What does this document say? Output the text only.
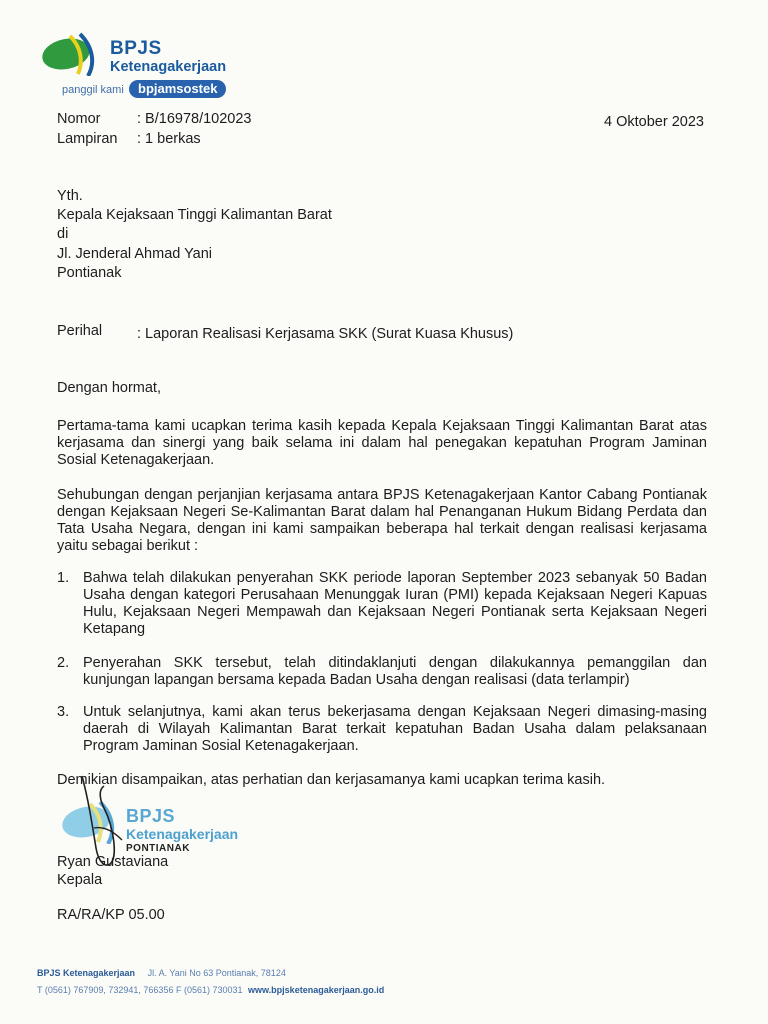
BPJS
Ketenagakerjaan
panggil kami	bpjamsostek
Nomor	: B/16978/102023
Lampiran : 1 berkas
4 Oktober 2023
Yth.
Kepala Kejaksaan Tinggi Kalimantan Barat
di
Jl. Jenderal Ahmad Yani
Pontianak
Perihal : Laporan Realisasi Kerjasama SKK (Surat Kuasa Khusus)
Dengan hormat,
Pertama-tama kami ucapkan terima kasih kepada Kepala Kejaksaan Tinggi Kalimantan Barat atas kerjasama dan sinergi yang baik selama ini dalam hal penegakan kepatuhan Program Jaminan Sosial Ketenagakerjaan.
Sehubungan dengan perjanjian kerjasama antara BPJS Ketenagakerjaan Kantor Cabang Pontianak dengan Kejaksaan Negeri Se-Kalimantan Barat dalam hal Penanganan Hukum Bidang Perdata dan Tata Usaha Negara, dengan ini kami sampaikan beberapa hal terkait dengan realisasi kerjasama yaitu sebagai berikut :
1. Bahwa telah dilakukan penyerahan SKK periode laporan September 2023 sebanyak 50 Badan Usaha dengan kategori Perusahaan Menunggak Iuran (PMI) kepada Kejaksaan Negeri Kapuas Hulu, Kejaksaan Negeri Mempawah dan Kejaksaan Negeri Pontianak serta Kejaksaan Negeri Ketapang
2. Penyerahan SKK tersebut, telah ditindaklanjuti dengan dilakukannya pemanggilan dan kunjungan lapangan bersama kepada Badan Usaha dengan realisasi (data terlampir)
3. Untuk selanjutnya, kami akan terus bekerjasama dengan Kejaksaan Negeri dimasing-masing daerah di Wilayah Kalimantan Barat terkait kepatuhan Badan Usaha dalam pelaksanaan Program Jaminan Sosial Ketenagakerjaan.
Demikian disampaikan, atas perhatian dan kerjasamanya kami ucapkan terima kasih.
BPJS
Ketenagakerjaan
PONTIANAK
Ryan Gustaviana
Kepala
RA/RA/KP 05.00
BPJS Ketenagakerjaan Jl. A. Yani No 63 Pontianak, 78124
T (0561) 767909, 732941, 766356 F (0561) 730031 www.bpjsketenagakerjaan.go.id
